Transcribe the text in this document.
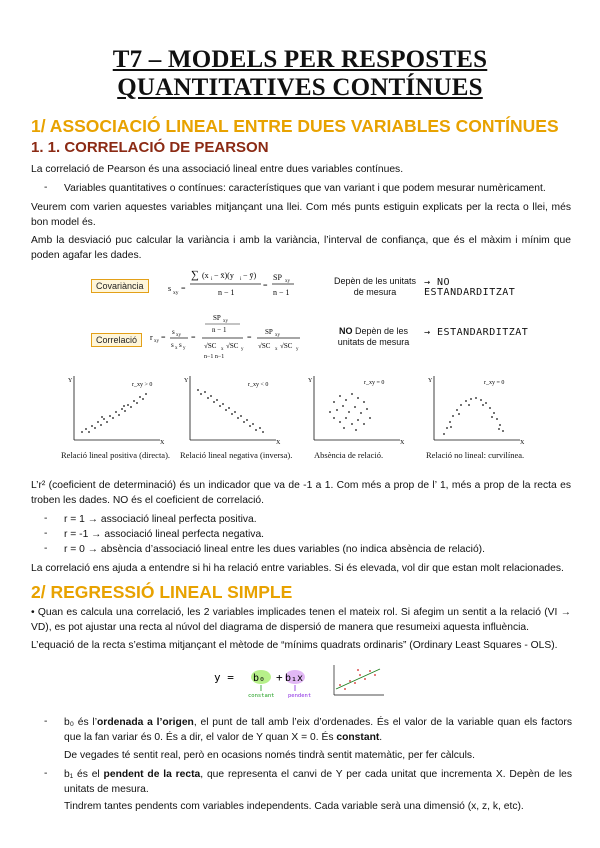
T7 – MODELS PER RESPOSTES
QUANTITATIVES CONTÍNUES
1/ ASSOCIACIÓ LINEAL ENTRE DUES VARIABLES CONTÍNUES
1. 1. CORRELACIÓ DE PEARSON
La correlació de Pearson és una associació lineal entre dues variables contínues.
- Variables quantitatives o contínues: característiques que van variant i que podem mesurar numèricament.
Veurem com varien aquestes variables mitjançant una llei. Com més punts estiguin explicats per la recta o llei, més bon model és.
Amb la desviació puc calcular la variància i amb la variància, l’interval de confiança, que és el màxim i mínim que poden agafar les dades.
Covariància	s xy =
∑ (x i − x̄)(y i − ȳ)
n − 1
=
SP xy
n − 1
Depèn de les unitats de mesura
→ NO ESTANDARDITZAT
Correlació	r xy =
s xy
s x s y
=
SP xy
n − 1
√SC x √SC y
n−1 n−1
=
SP xy
√SC x √SC y
NO Depèn de les unitats de mesura
→ ESTANDARDITZAT
Y
X
r_xy > 0
Relació lineal positiva (directa).
Y
X
r_xy < 0
Relació lineal negativa (inversa).
Y
X
r_xy = 0
Absència de relació.
Y
X
r_xy = 0
Relació no lineal: curvilínea.
L’r² (coeficient de determinació) és un indicador que va de -1 a 1. Com més a prop de l’ 1, més a prop de la recta es troben les dades. NO és el coeficient de correlació.
- r = 1 → associació lineal perfecta positiva.
- r = -1 → associació lineal perfecta negativa.
- r = 0 → absència d’associació lineal entre les dues variables (no indica absència de relació).
La correlació ens ajuda a entendre si hi ha relació entre variables. Si és elevada, vol dir que estan molt relacionades.
2/ REGRESSIÓ LINEAL SIMPLE
• Quan es calcula una correlació, les 2 variables implicades tenen el mateix rol. Si afegim un sentit a la relació (VI → VD), es pot ajustar una recta al núvol del diagrama de dispersió de manera que resumeixi aquesta influència.
L’equació de la recta s’estima mitjançant el mètode de “mínims quadrats ordinaris” (Ordinary Least Squares - OLS).
y = b₀ + b₁x
constant pendent
- b₀ és l’ordenada a l’origen, el punt de tall amb l’eix d’ordenades. És el valor de la variable quan els factors que la fan variar és 0. És a dir, el valor de Y quan X = 0. És constant.
De vegades té sentit real, però en ocasions només tindrà sentit matemàtic, per fer càlculs.
- b₁ és el pendent de la recta, que representa el canvi de Y per cada unitat que incrementa X. Depèn de les unitats de mesura.
Tindrem tantes pendents com variables independents. Cada variable serà una dimensió (x, z, k, etc).
